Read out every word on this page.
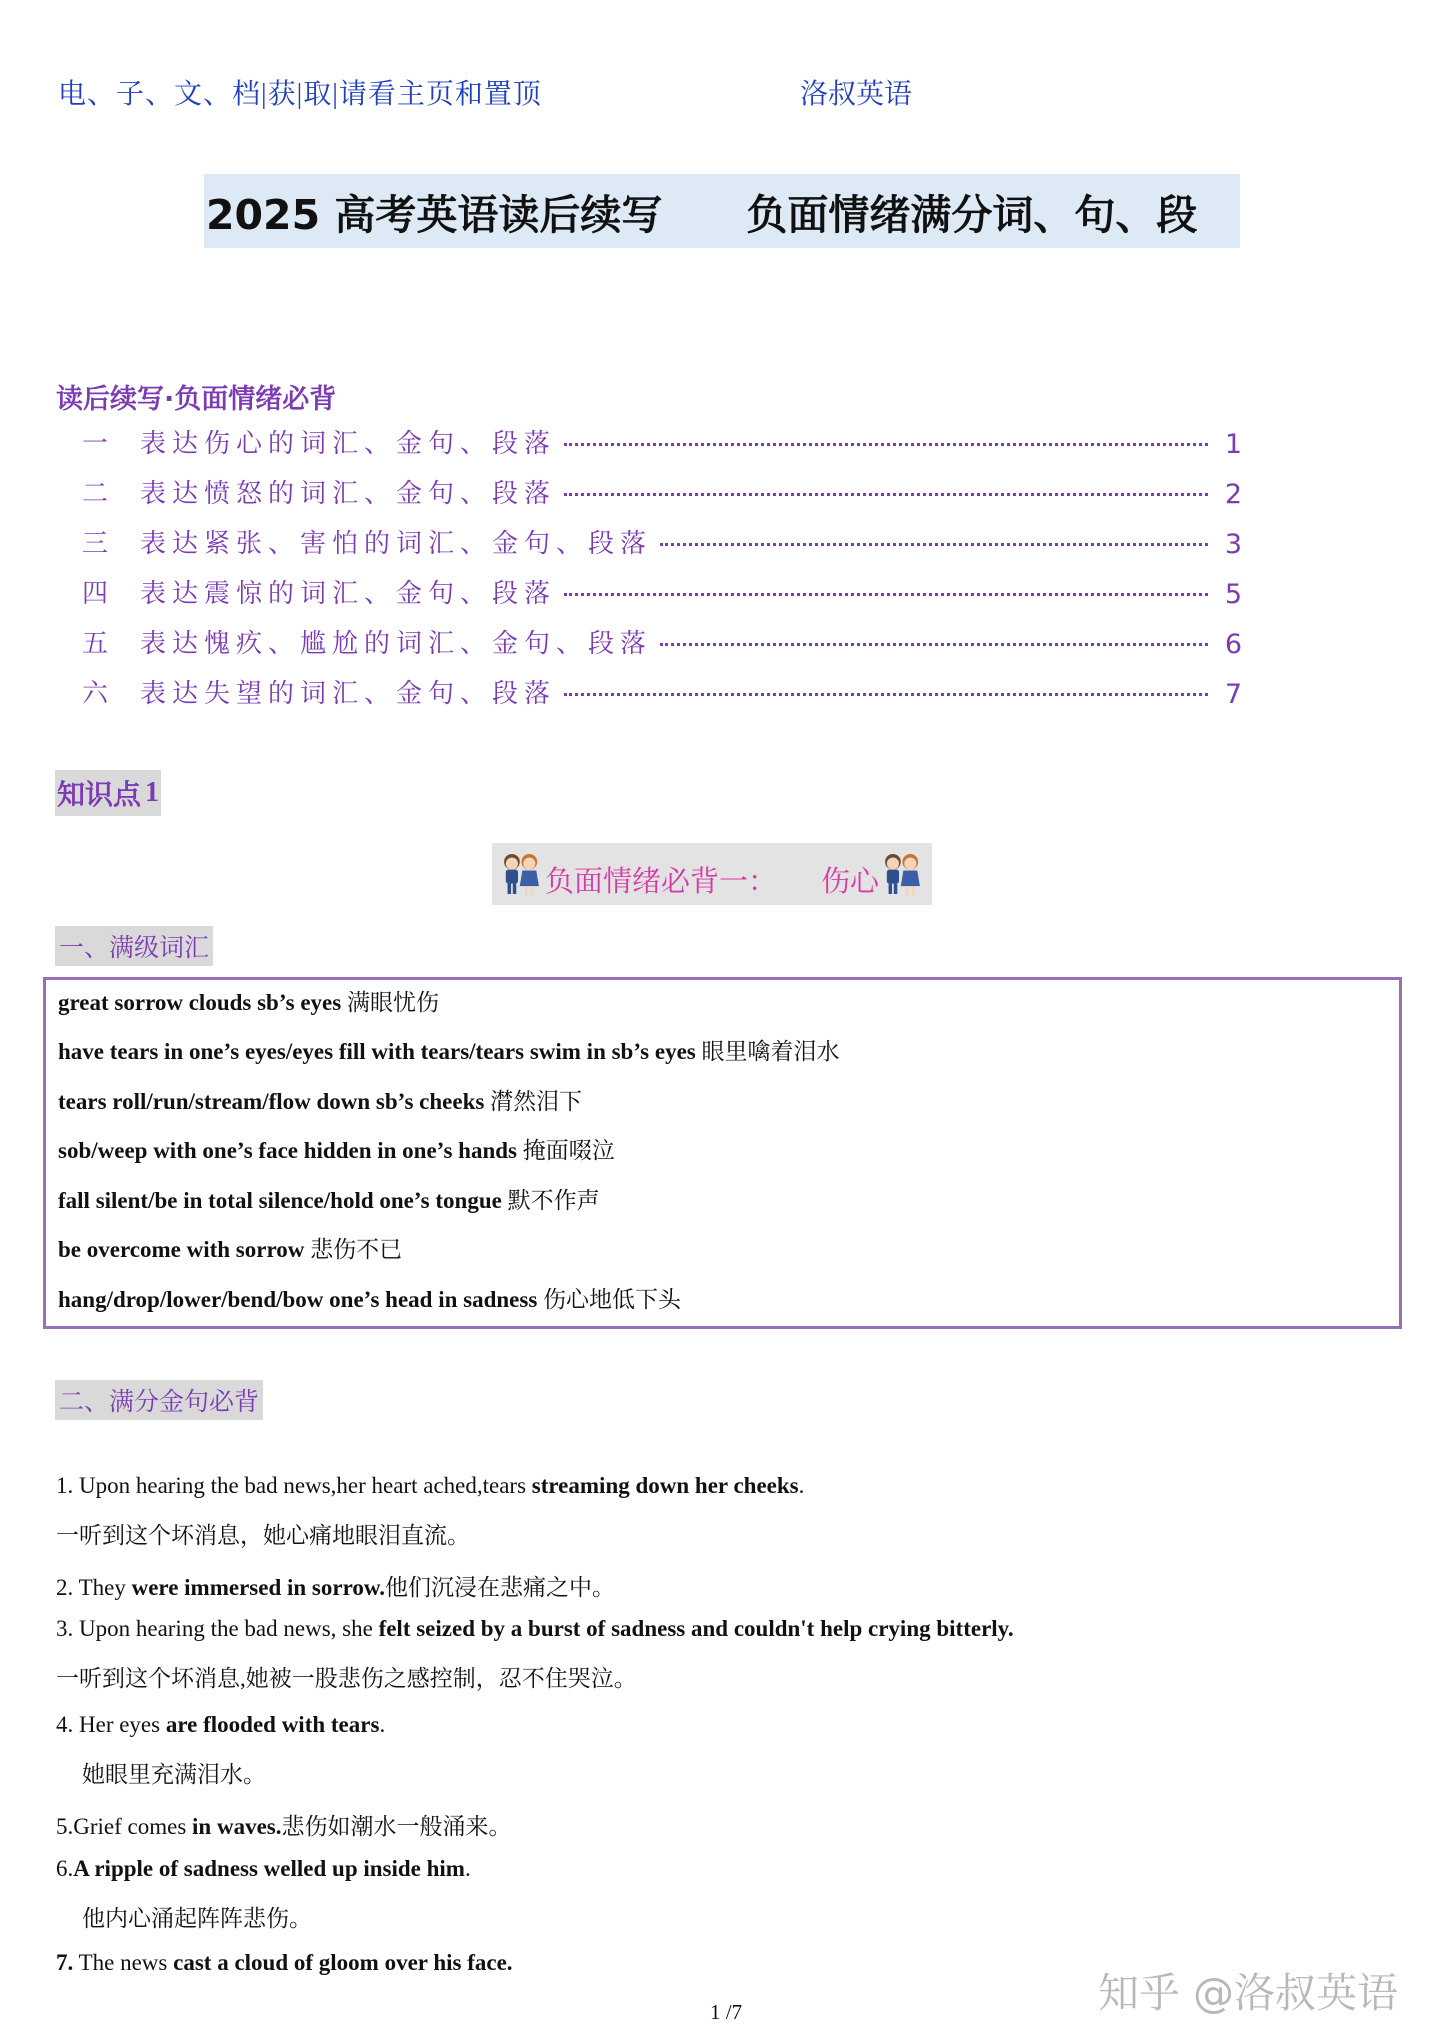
电、子、文、档|获|取|请看主页和置顶	洛叔英语
2025 高考英语读后续写 负面情绪满分词、句、段
读后续写·负面情绪必背
一	表达伤心的词汇、金句、段落	1
二	表达愤怒的词汇、金句、段落	2
三	表达紧张、害怕的词汇、金句、段落	3
四	表达震惊的词汇、金句、段落	5
五	表达愧疚、尴尬的词汇、金句、段落	6
六	表达失望的词汇、金句、段落	7
知识点 1
负面情绪必背一： 伤心
一、满级词汇
great sorrow clouds sb’s eyes 满眼忧伤
have tears in one’s eyes/eyes fill with tears/tears swim in sb’s eyes 眼里噙着泪水
tears roll/run/stream/flow down sb’s cheeks 潸然泪下
sob/weep with one’s face hidden in one’s hands 掩面啜泣
fall silent/be in total silence/hold one’s tongue 默不作声
be overcome with sorrow 悲伤不已
hang/drop/lower/bend/bow one’s head in sadness 伤心地低下头
二、满分金句必背
1. Upon hearing the bad news,her heart ached,tears streaming down her cheeks.
一听到这个坏消息，她心痛地眼泪直流。
2. They were immersed in sorrow.他们沉浸在悲痛之中。
3. Upon hearing the bad news, she felt seized by a burst of sadness and couldn't help crying bitterly.
一听到这个坏消息,她被一股悲伤之感控制，忍不住哭泣。
4. Her eyes are flooded with tears.
她眼里充满泪水。
5.Grief comes in waves.悲伤如潮水一般涌来。
6.A ripple of sadness welled up inside him.
他内心涌起阵阵悲伤。
7. The news cast a cloud of gloom over his face.
1 /7	知乎 @洛叔英语
